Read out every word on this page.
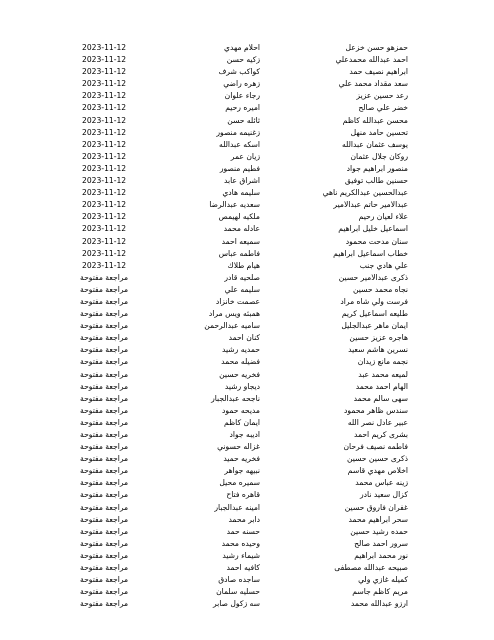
حمزهو حسن خزعل
احلام مهدي
2023-11-12
احمد عبدالله محمدعلي
زكيه حسن
2023-11-12
ابراهيم نصيف حمد
كواكب شرف
2023-11-12
سعد مقداد محمد علي
زهره راضي
2023-11-12
رعد حسين عزيز
رجاء علوان
2023-11-12
خضر علي صالح
اميره رحيم
2023-11-12
محسن عبدالله كاظم
ثائله حسن
2023-11-12
تحسين حامد منهل
زغنيمه منصور
2023-11-12
يوسف عثمان عبدالله
اسكه عبدالله
2023-11-12
روكان جلال عثمان
زيان عمر
2023-11-12
منصور ابراهيم جواد
فطيم منصور
2023-11-12
حسنين طالب توفيق
اشراق عابد
2023-11-12
عبدالحسين عبدالكريم ناهي
سليمه هادي
2023-11-12
عبدالامير حاتم عبدالامير
سعديه عبدالرضا
2023-11-12
علاء لعيان رحيم
ملكيه لهيمص
2023-11-12
اسماعيل خليل ابراهيم
عادله محمد
2023-11-12
سنان مدحت محمود
سميعه احمد
2023-11-12
خطاب اسماعيل ابراهيم
فاطمه عباس
2023-11-12
علي هادي جنب
هيام طلاك
2023-11-12
ذكرى عبدالامير حسين
صلحيه قادر
مراجعة مفتوحة
نجاه محمد حسين
سليمه علي
مراجعة مفتوحة
فرست ولي شاه مراد
عصمت خانزاد
مراجعة مفتوحة
طليعه اسماعيل كريم
همبئه ويس مراد
مراجعة مفتوحة
ايمان ماهر عبدالجليل
ساميه عبدالرحمن
مراجعة مفتوحة
هاجره عزيز حسين
كنان احمد
مراجعة مفتوحة
نسرين هاشم سعيد
حمديه رشيد
مراجعة مفتوحة
نجمه مانع زيدان
فضيله محمد
مراجعة مفتوحة
لميعه محمد عبد
فخريه حسين
مراجعة مفتوحة
الهام احمد محمد
ديجاو رشيد
مراجعة مفتوحة
سهى سالم محمد
ناجحه عبدالجبار
مراجعة مفتوحة
سندس ظاهر محمود
مديحه حمود
مراجعة مفتوحة
عبير عادل نصر الله
ايمان كاظم
مراجعة مفتوحة
بشرى كريم احمد
اديبه جواد
مراجعة مفتوحة
فاطمه نصيف فرحان
غزاله حسوني
مراجعة مفتوحة
ذكرى حسين حسين
فخريه حميد
مراجعة مفتوحة
اخلاص مهدي قاسم
نبيهه جواهر
مراجعة مفتوحة
زينه عباس محمد
سميره محيل
مراجعة مفتوحة
كزال سعيد نادر
قاهره فتاح
مراجعة مفتوحة
غفران فاروق حسين
امينه عبدالجبار
مراجعة مفتوحة
سحر ابراهيم محمد
دابر محمد
مراجعة مفتوحة
حمده رشيد حسين
حسنه حمد
مراجعة مفتوحة
سرور احمد صالح
وحيده محمد
مراجعة مفتوحة
نور محمد ابراهيم
شيماء رشيد
مراجعة مفتوحة
صبيحه عبدالله مصطفى
كافيه احمد
مراجعة مفتوحة
كميله غازي ولي
ساجده صادق
مراجعة مفتوحة
مريم كاظم جاسم
حسليه سلمان
مراجعة مفتوحة
ارزو عبدالله محمد
سه زكول صابر
مراجعة مفتوحة
